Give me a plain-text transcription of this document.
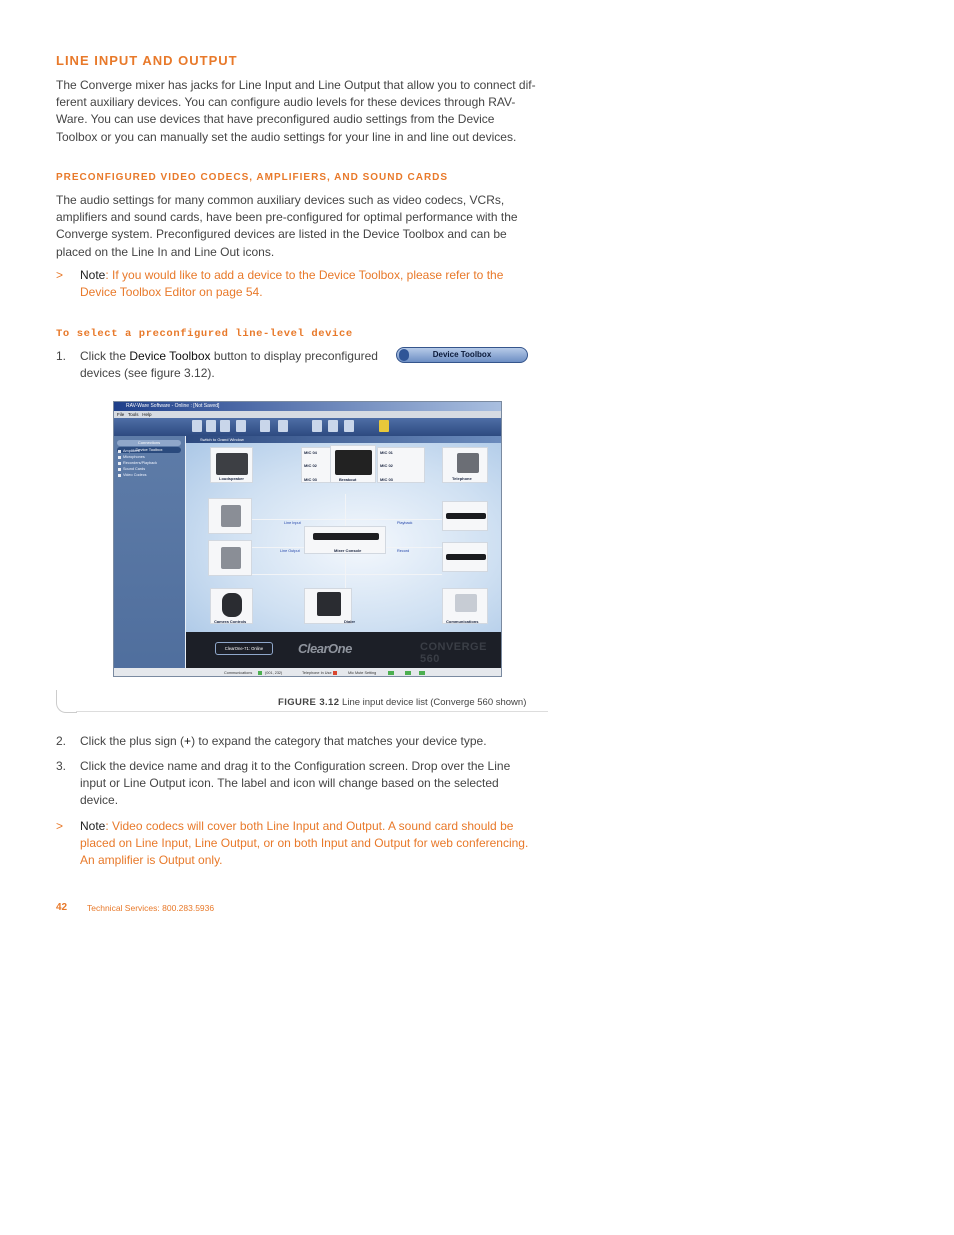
LINE INPUT AND OUTPUT
The Converge mixer has jacks for Line Input and Line Output that allow you to connect dif-
ferent auxiliary devices. You can configure audio levels for these devices through RAV-
Ware. You can use devices that have preconfigured audio settings from the Device
Toolbox or you can manually set the audio settings for your line in and line out devices.
PRECONFIGURED VIDEO CODECS, AMPLIFIERS, AND SOUND CARDS
The audio settings for many common auxiliary devices such as video codecs, VCRs,
amplifiers and sound cards, have been pre-configured for optimal performance with the
Converge system. Preconfigured devices are listed in the Device Toolbox and can be
placed on the Line In and Line Out icons.
> Note: If you would like to add a device to the Device Toolbox, please refer to the
Device Toolbox Editor on page 54.
To select a preconfigured line-level device
1. Click the Device Toolbox button to display preconfigured
devices (see figure 3.12).
Device Toolbox
RAV-Ware Software - Online : [Not Saved]
File Tools Help
Connections
Device Toolbox
Amplifiers
Microphones
Recorders/Playback
Sound Cards
Video Codecs
Switch to Grand Window
Loudspeaker
MIC 04
MIC 02
MIC 03	Breakout
MIC 01
MIC 02
MIC 03	Telephone
Line Input
Line Output	Mixer Console
Playback
Record
Camera Controls	Dialer	Communications
ClearOne-71: Online	ClearOne	CONVERGE 560
Communications	(001, 232)	Telephone In Use	Mic Mute Setting
FIGURE 3.12 Line input device list (Converge 560 shown)
2. Click the plus sign (+) to expand the category that matches your device type.
3. Click the device name and drag it to the Configuration screen. Drop over the Line
input or Line Output icon. The label and icon will change based on the selected
device.
> Note: Video codecs will cover both Line Input and Output. A sound card should be
placed on Line Input, Line Output, or on both Input and Output for web conferencing.
An amplifier is Output only.
42 Technical Services: 800.283.5936
